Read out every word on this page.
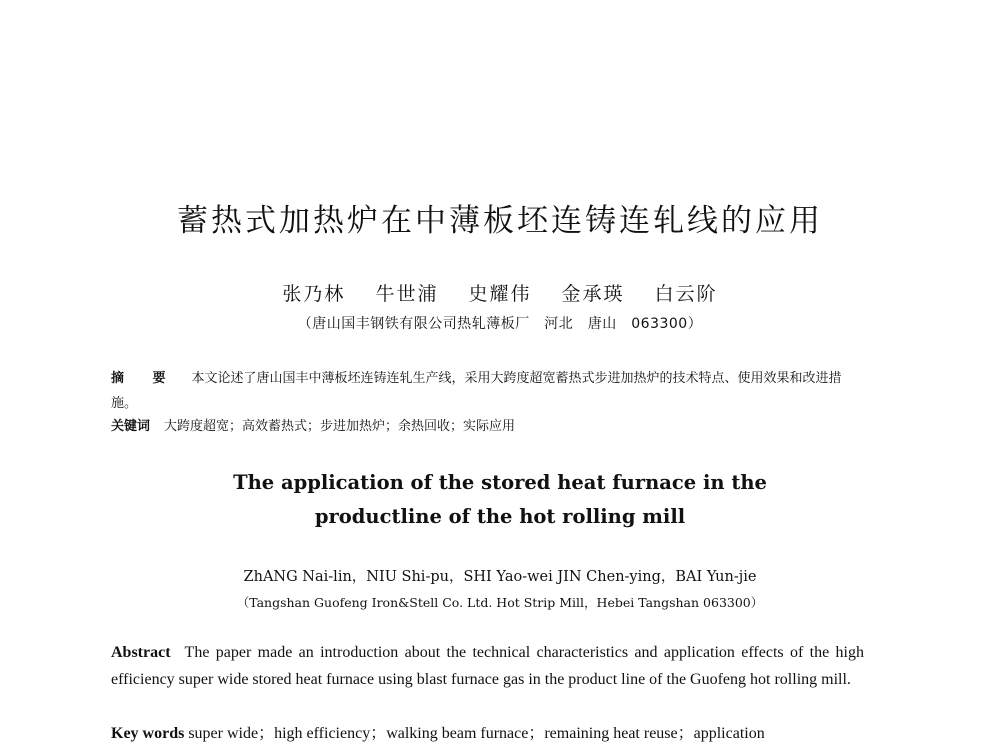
蓄热式加热炉在中薄板坯连铸连轧线的应用
张乃林 牛世浦 史耀伟 金承瑛 白云阶
（唐山国丰钢铁有限公司热轧薄板厂　河北　唐山　063300）
摘 要 本文论述了唐山国丰中薄板坯连铸连轧生产线，采用大跨度超宽蓄热式步进加热炉的技术特点、使用效果和改进措施。
关键词 大跨度超宽；高效蓄热式；步进加热炉；余热回收；实际应用
The application of the stored heat furnace in the
productline of the hot rolling mill
ZhANG Nai-lin，NIU Shi-pu，SHI Yao-wei JIN Chen-ying，BAI Yun-jie
（Tangshan Guofeng Iron&Stell Co. Ltd. Hot Strip Mill，Hebei Tangshan 063300）

Abstract The paper made an introduction about the technical characteristics and application effects of the high efficiency super wide stored heat furnace using blast furnace gas in the product line of the Guofeng hot rolling mill.

Key words super wide；high efficiency；walking beam furnace；remaining heat reuse；application
